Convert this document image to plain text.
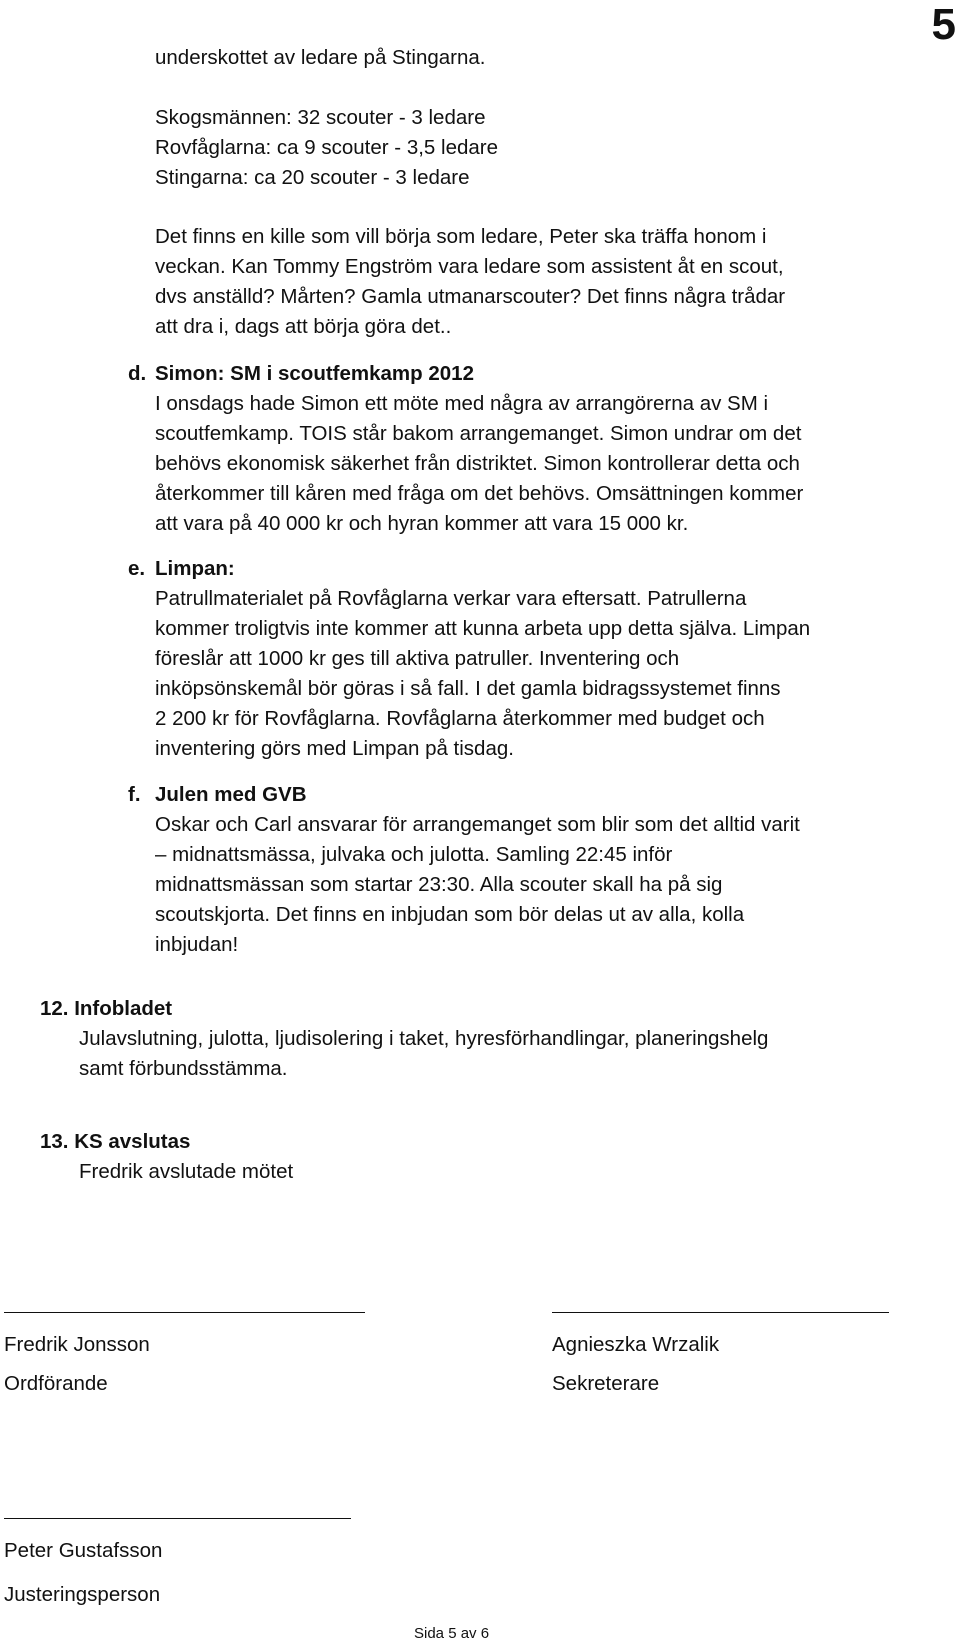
5
underskottet av ledare på Stingarna.
Skogsmännen: 32 scouter - 3 ledare
Rovfåglarna: ca 9 scouter - 3,5 ledare
Stingarna: ca 20 scouter - 3 ledare
Det finns en kille som vill börja som ledare, Peter ska träffa honom i
veckan. Kan Tommy Engström vara ledare som assistent åt en scout,
dvs anställd? Mårten? Gamla utmanarscouter? Det finns några trådar
att dra i, dags att börja göra det..
d. Simon: SM i scoutfemkamp 2012
I onsdags hade Simon ett möte med några av arrangörerna av SM i
scoutfemkamp. TOIS står bakom arrangemanget. Simon undrar om det
behövs ekonomisk säkerhet från distriktet. Simon kontrollerar detta och
återkommer till kåren med fråga om det behövs. Omsättningen kommer
att vara på 40 000 kr och hyran kommer att vara 15 000 kr.
e. Limpan:
Patrullmaterialet på Rovfåglarna verkar vara eftersatt. Patrullerna
kommer troligtvis inte kommer att kunna arbeta upp detta själva. Limpan
föreslår att 1000 kr ges till aktiva patruller. Inventering och
inköpsönskemål bör göras i så fall. I det gamla bidragssystemet finns
2 200 kr för Rovfåglarna. Rovfåglarna återkommer med budget och
inventering görs med Limpan på tisdag.
f. Julen med GVB
Oskar och Carl ansvarar för arrangemanget som blir som det alltid varit
– midnattsmässa, julvaka och julotta. Samling 22:45 inför
midnattsmässan som startar 23:30. Alla scouter skall ha på sig
scoutskjorta. Det finns en inbjudan som bör delas ut av alla, kolla
inbjudan!
12. Infobladet
Julavslutning, julotta, ljudisolering i taket, hyresförhandlingar, planeringshelg
samt förbundsstämma.
13. KS avslutas
Fredrik avslutade mötet
Fredrik Jonsson
Ordförande
Agnieszka Wrzalik
Sekreterare
Peter Gustafsson
Justeringsperson
Sida 5 av 6
